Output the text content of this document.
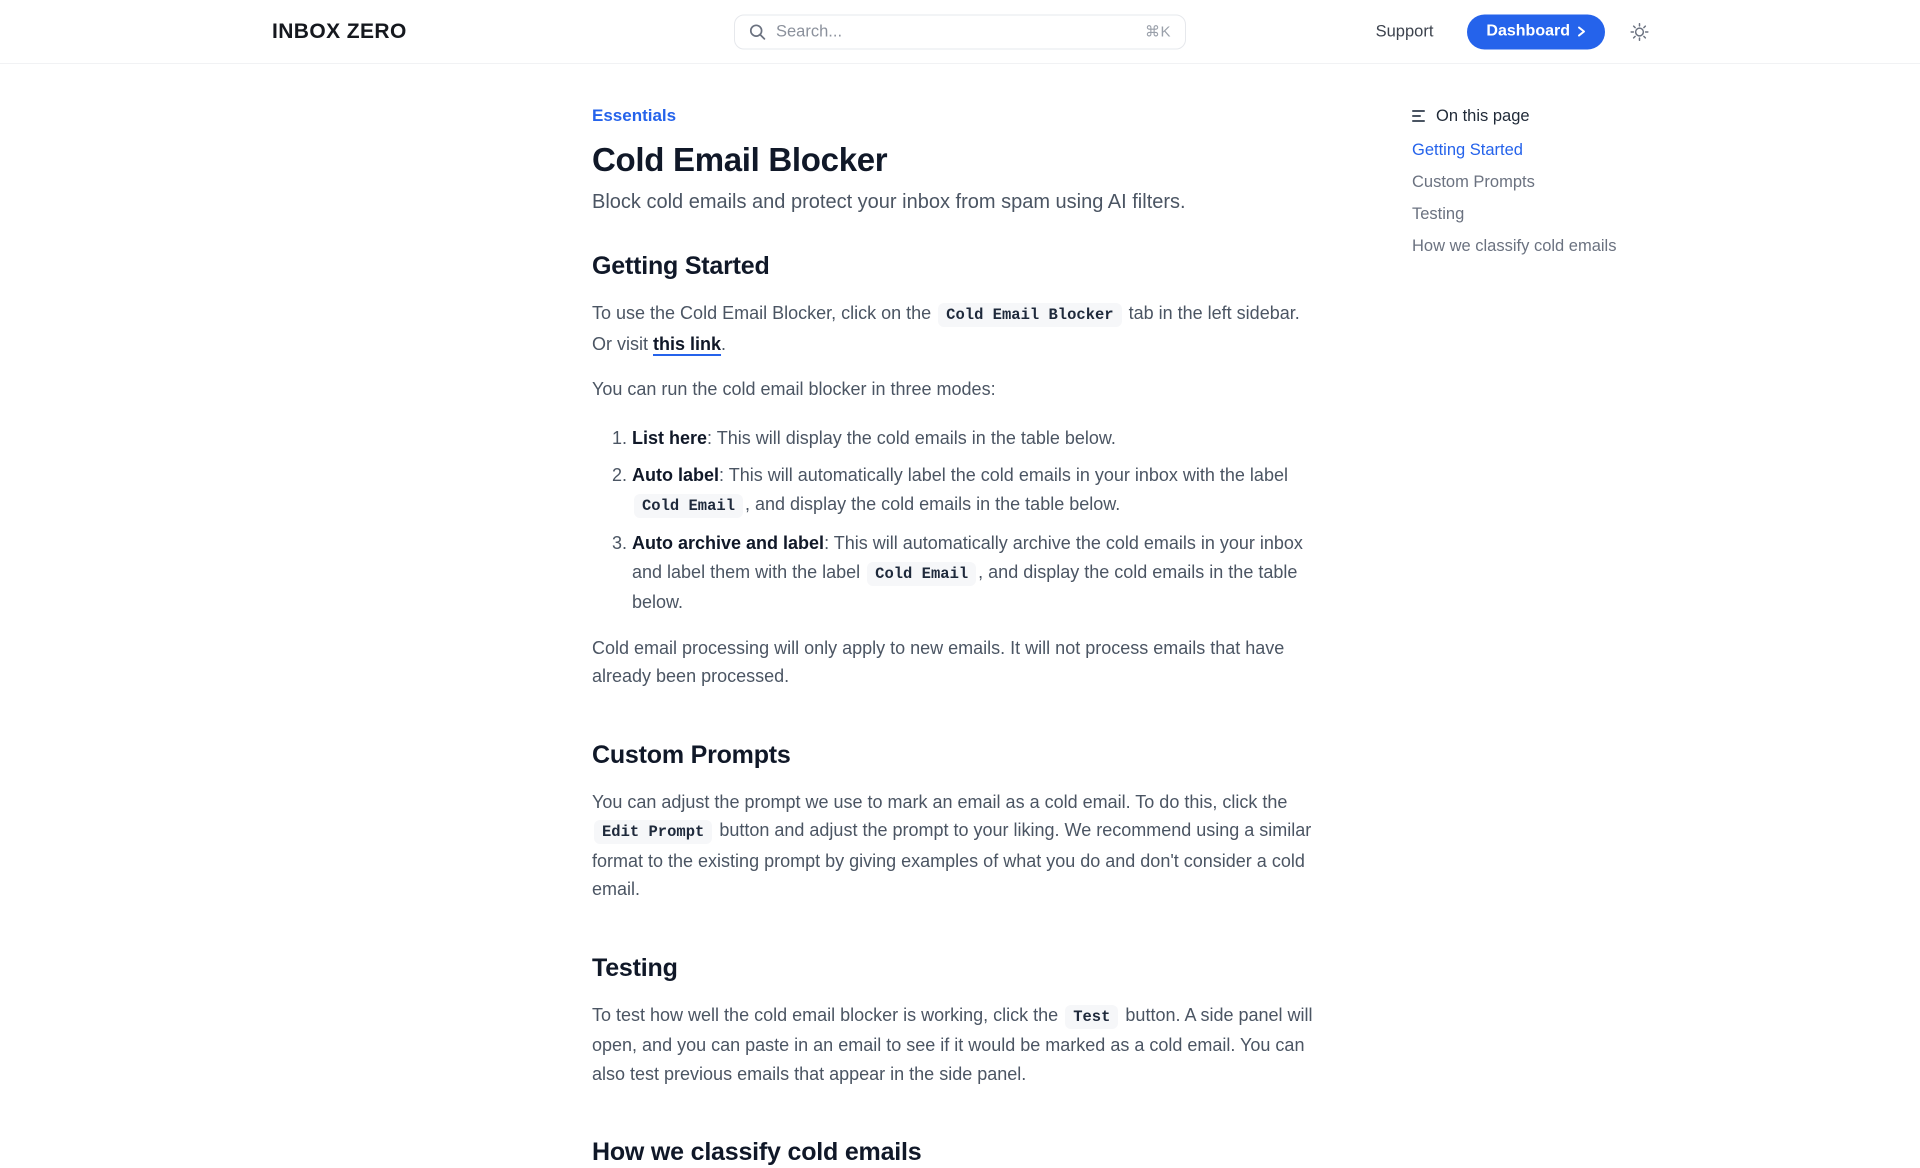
INBOX ZERO	Search...	⌘K	Support	Dashboard
Essentials
Cold Email Blocker

Block cold emails and protect your inbox from spam using AI filters.

Getting Started

To use the Cold Email Blocker, click on the Cold Email Blocker tab in the left sidebar. Or visit this link.

You can run the cold email blocker in three modes:

1. List here: This will display the cold emails in the table below.
2. Auto label: This will automatically label the cold emails in your inbox with the label Cold Email , and display the cold emails in the table below.
3. Auto archive and label: This will automatically archive the cold emails in your inbox and label them with the label Cold Email , and display the cold emails in the table below.

Cold email processing will only apply to new emails. It will not process emails that have already been processed.

Custom Prompts

You can adjust the prompt we use to mark an email as a cold email. To do this, click the Edit Prompt button and adjust the prompt to your liking. We recommend using a similar format to the existing prompt by giving examples of what you do and don't consider a cold email.

Testing

To test how well the cold email blocker is working, click the Test button. A side panel will open, and you can paste in an email to see if it would be marked as a cold email. You can also test previous emails that appear in the side panel.

How we classify cold emails
On this page
Getting Started
Custom Prompts
Testing
How we classify cold emails
